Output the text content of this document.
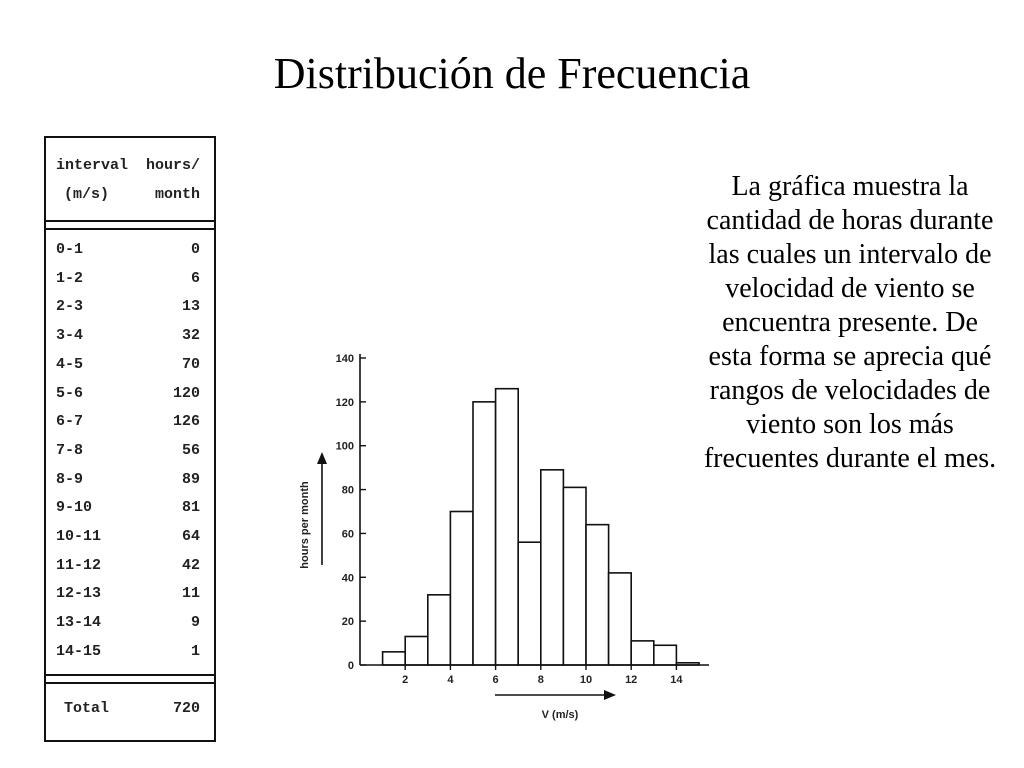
Distribución de Frecuencia
interval hours/
(m/s)	month
0-1	0
1-2	6
2-3	13
3-4	32
4-5	70
5-6	120
6-7	126
7-8	56
8-9	89
9-10	81
10-11	64
11-12	42
12-13	11
13-14	9
14-15	1
Total	720
0
20
40
60
80
100
120
140
2	4	6	8	10	12	14
hours per month
V (m/s)
La gráfica muestra la cantidad de horas durante las cuales un intervalo de velocidad de viento se encuentra presente. De esta forma se aprecia qué rangos de velocidades de viento son los más frecuentes durante el mes.
